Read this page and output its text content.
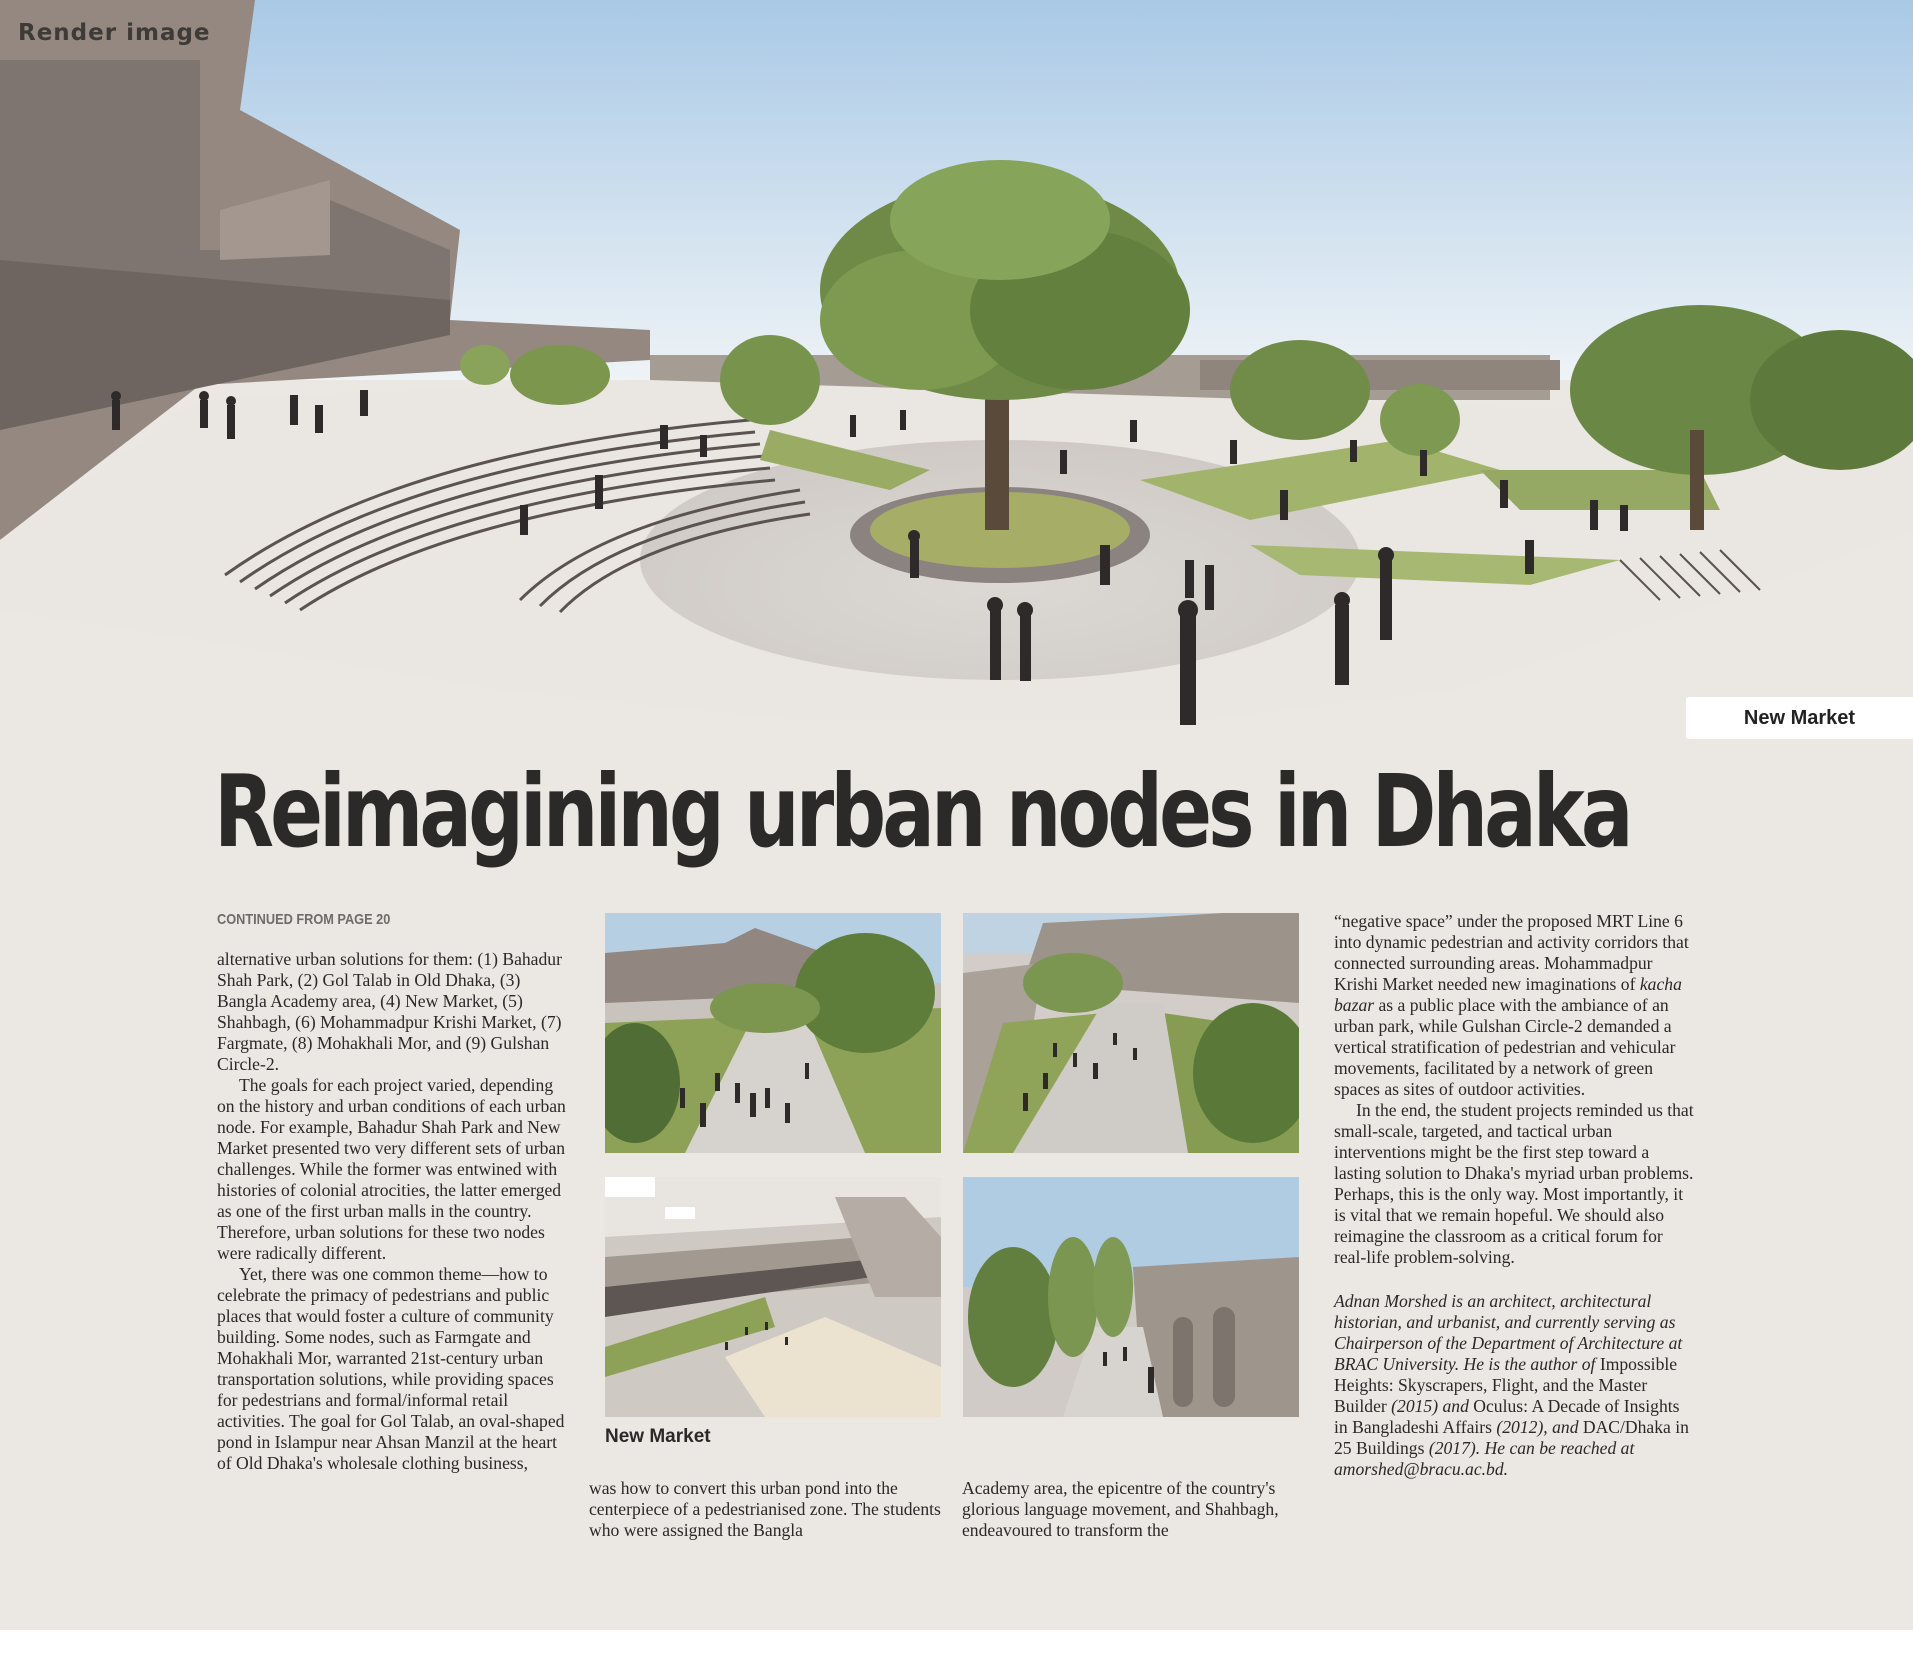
Render image
New Market
Reimagining urban nodes in Dhaka
CONTINUED FROM PAGE 20

alternative urban solutions for them: (1) Bahadur Shah Park, (2) Gol Talab in Old Dhaka, (3) Bangla Academy area, (4) New Market, (5) Shahbagh, (6) Mohammadpur Krishi Market, (7) Fargmate, (8) Mohakhali Mor, and (9) Gulshan Circle-2.

The goals for each project varied, depending on the history and urban conditions of each urban node. For example, Bahadur Shah Park and New Market presented two very different sets of urban challenges. While the former was entwined with histories of colonial atrocities, the latter emerged as one of the first urban malls in the country. Therefore, urban solutions for these two nodes were radically different.

Yet, there was one common theme—how to celebrate the primacy of pedestrians and public places that would foster a culture of community building. Some nodes, such as Farmgate and Mohakhali Mor, warranted 21st-century urban transportation solutions, while providing spaces for pedestrians and formal/informal retail activities. The goal for Gol Talab, an oval-shaped pond in Islampur near Ahsan Manzil at the heart of Old Dhaka's wholesale clothing business,

New Market

was how to convert this urban pond into the centerpiece of a pedestrianised zone. The students who were assigned the Bangla

Academy area, the epicentre of the country's glorious language movement, and Shahbagh, endeavoured to transform the

“negative space” under the proposed MRT Line 6 into dynamic pedestrian and activity corridors that connected surrounding areas. Mohammadpur Krishi Market needed new imaginations of kacha bazar as a public place with the ambiance of an urban park, while Gulshan Circle-2 demanded a vertical stratification of pedestrian and vehicular movements, facilitated by a network of green spaces as sites of outdoor activities.

In the end, the student projects reminded us that small-scale, targeted, and tactical urban interventions might be the first step toward a lasting solution to Dhaka's myriad urban problems. Perhaps, this is the only way. Most importantly, it is vital that we remain hopeful. We should also reimagine the classroom as a critical forum for real-life problem-solving.

Adnan Morshed is an architect, architectural historian, and urbanist, and currently serving as Chairperson of the Department of Architecture at BRAC University. He is the author of Impossible Heights: Skyscrapers, Flight, and the Master Builder (2015) and Oculus: A Decade of Insights in Bangladeshi Affairs (2012), and DAC/Dhaka in 25 Buildings (2017). He can be reached at amorshed@bracu.ac.bd.
